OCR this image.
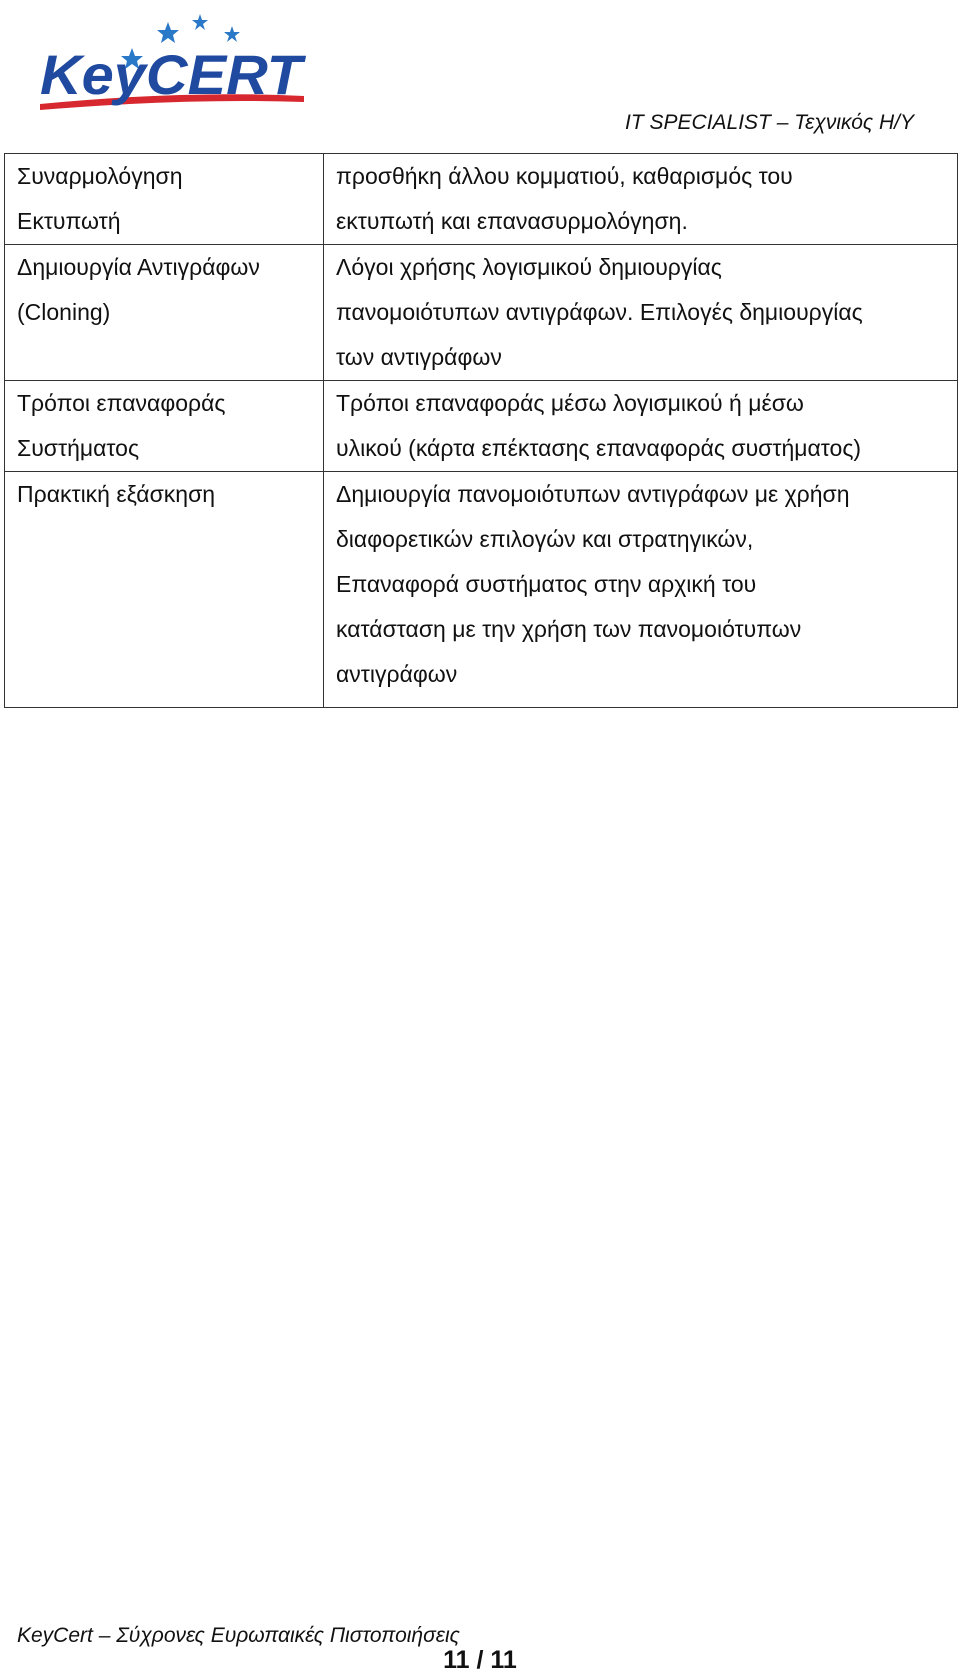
KeyCERT
IT SPECIALIST – Τεχνικός Η/Υ
Συναρμολόγηση
Εκτυπωτή	προσθήκη άλλου κομματιού, καθαρισμός του
εκτυπωτή και επανασυρμολόγηση.

Δημιουργία Αντιγράφων
(Cloning)	Λόγοι χρήσης λογισμικού δημιουργίας
πανομοιότυπων αντιγράφων. Επιλογές δημιουργίας
των αντιγράφων

Τρόποι επαναφοράς
Συστήματος	Τρόποι επαναφοράς μέσω λογισμικού ή μέσω
υλικού (κάρτα επέκτασης επαναφοράς συστήματος)

Πρακτική εξάσκηση	Δημιουργία πανομοιότυπων αντιγράφων με χρήση
διαφορετικών επιλογών και στρατηγικών,
Επαναφορά συστήματος στην αρχική του
κατάσταση με την χρήση των πανομοιότυπων
αντιγράφων
KeyCert – Σύχρονες Ευρωπαικές Πιστοποιήσεις
11 / 11
